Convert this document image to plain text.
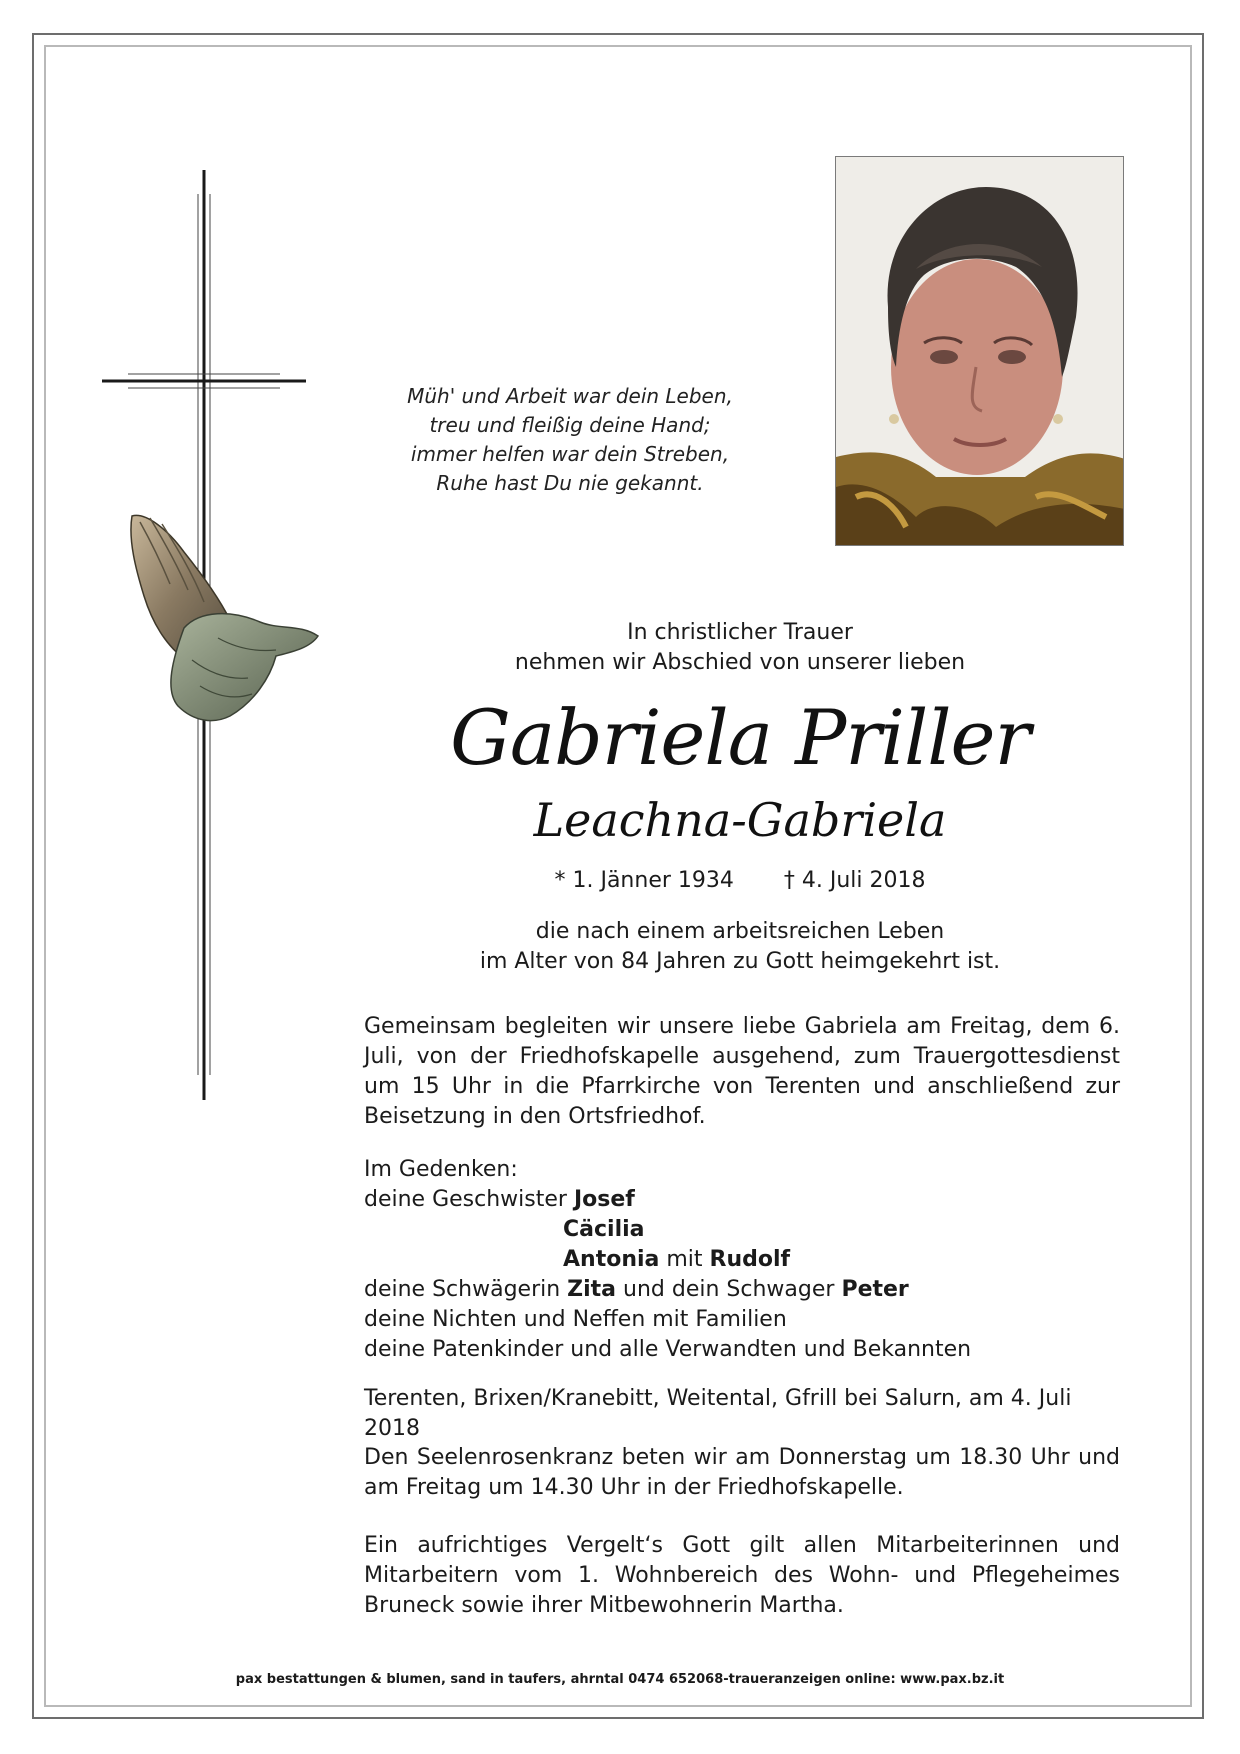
Müh' und Arbeit war dein Leben,
treu und fleißig deine Hand;
immer helfen war dein Streben,
Ruhe hast Du nie gekannt.
In christlicher Trauer
nehmen wir Abschied von unserer lieben
Gabriela Priller
Leachna-Gabriela
* 1. Jänner 1934 † 4. Juli 2018
die nach einem arbeitsreichen Leben
im Alter von 84 Jahren zu Gott heimgekehrt ist.
Gemeinsam begleiten wir unsere liebe Gabriela am Freitag, dem 6. Juli, von der Friedhofskapelle ausgehend, zum Trauergottesdienst um 15 Uhr in die Pfarrkirche von Terenten und anschließend zur Beisetzung in den Ortsfriedhof.
Im Gedenken:
deine Geschwister Josef
Cäcilia
Antonia mit Rudolf
deine Schwägerin Zita und dein Schwager Peter
deine Nichten und Neffen mit Familien
deine Patenkinder und alle Verwandten und Bekannten
Terenten, Brixen/Kranebitt, Weitental, Gfrill bei Salurn, am 4. Juli 2018
Den Seelenrosenkranz beten wir am Donnerstag um 18.30 Uhr und am Freitag um 14.30 Uhr in der Friedhofskapelle.
Ein aufrichtiges Vergelt‘s Gott gilt allen Mitarbeiterinnen und Mitarbeitern vom 1. Wohnbereich des Wohn- und Pflegeheimes Bruneck sowie ihrer Mitbewohnerin Martha.
pax bestattungen & blumen, sand in taufers, ahrntal 0474 652068-traueranzeigen online: www.pax.bz.it
